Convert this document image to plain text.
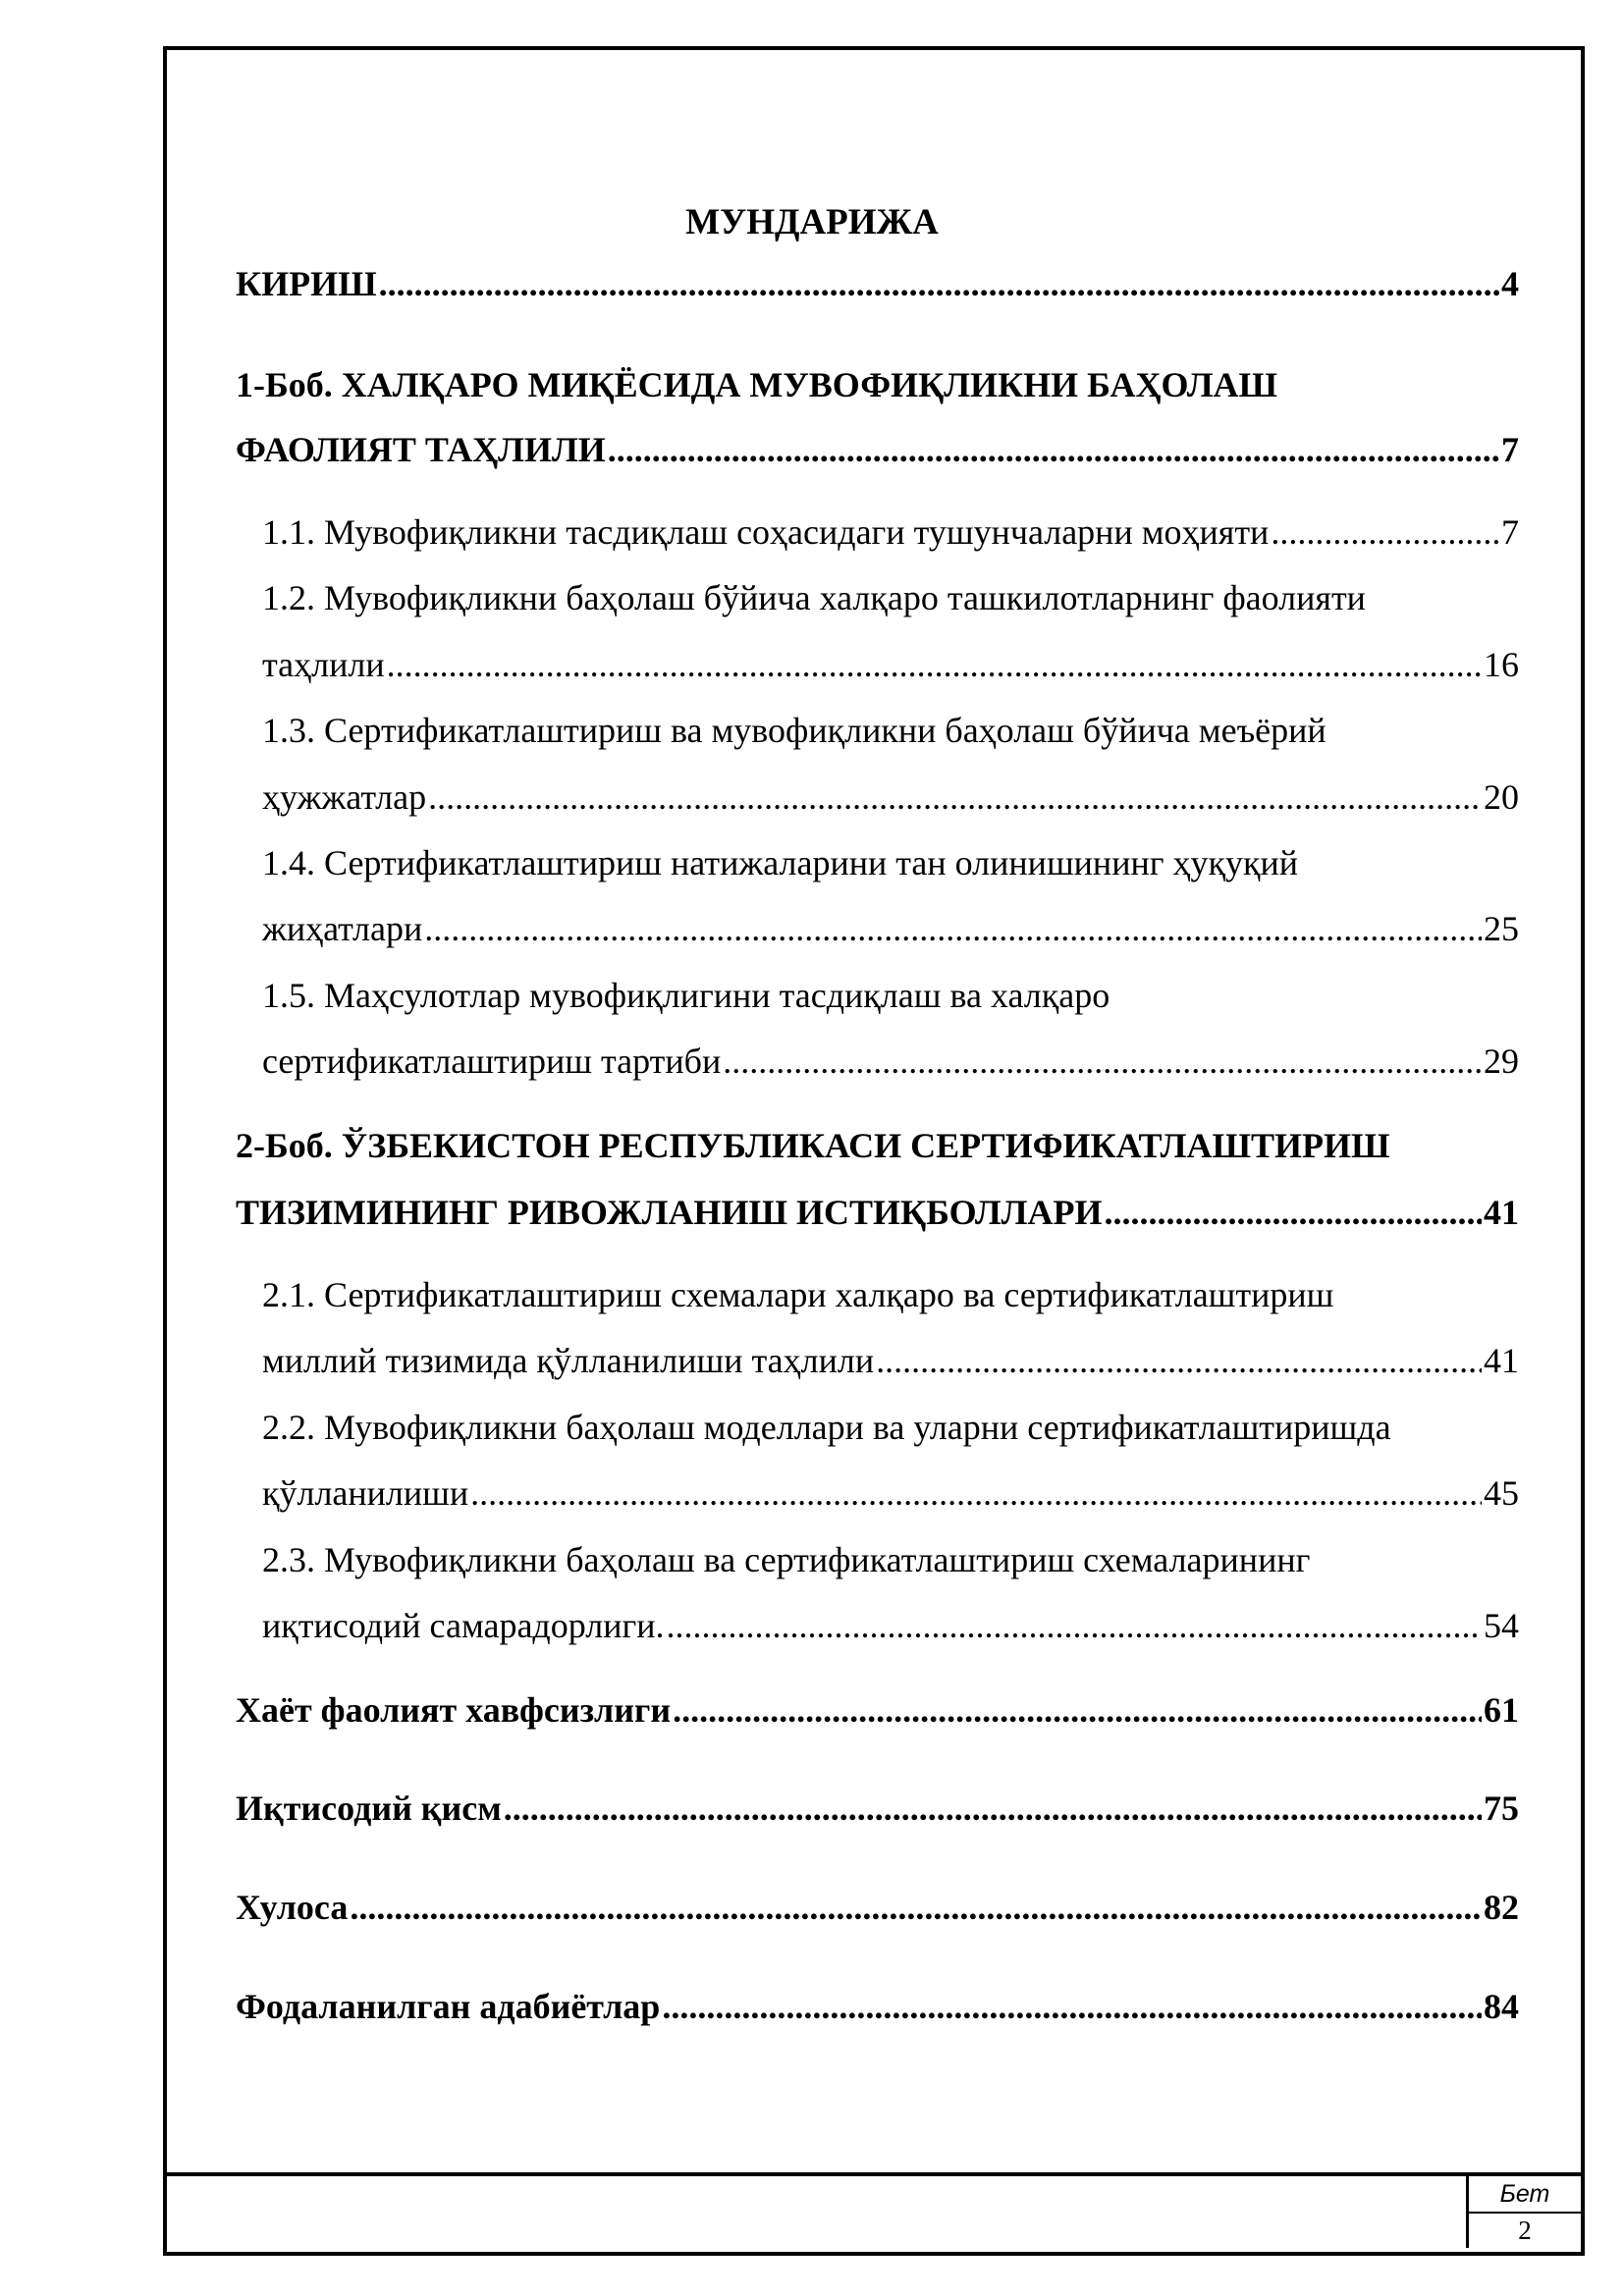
Бет
2
МУНДАРИЖА
КИРИШ .....	4
1-Боб. ХАЛҚАРО МИҚЁСИДА МУВОФИҚЛИКНИ БАҲОЛАШ
ФАОЛИЯТ ТАҲЛИЛИ .....	7
1.1. Мувофиқликни тасдиқлаш соҳасидаги тушунчаларни моҳияти .....	7
1.2. Мувофиқликни баҳолаш бўйича халқаро ташкилотларнинг фаолияти
таҳлили .....	16
1.3. Сертификатлаштириш ва мувофиқликни баҳолаш бўйича меъёрий
ҳужжатлар .....	20
1.4. Сертификатлаштириш натижаларини тан олинишининг ҳуқуқий
жиҳатлари .....	25
1.5. Маҳсулотлар мувофиқлигини тасдиқлаш ва халқаро
сертификатлаштириш тартиби .....	29
2-Боб. ЎЗБЕКИСТОН РЕСПУБЛИКАСИ СЕРТИФИКАТЛАШТИРИШ
ТИЗИМИНИНГ РИВОЖЛАНИШ ИСТИҚБОЛЛАРИ .....	41
2.1. Сертификатлаштириш схемалари халқаро ва сертификатлаштириш
миллий тизимида қўлланилиши таҳлили .....	41
2.2. Мувофиқликни баҳолаш моделлари ва уларни сертификатлаштиришда
қўлланилиши .....	45
2.3. Мувофиқликни баҳолаш ва сертификатлаштириш схемаларининг
иқтисодий самарадорлиги. .....	54
Хаёт фаолият хавфсизлиги .....	61
Иқтисодий қисм .....	75
Хулоса .....	82
Фодаланилган адабиётлар .....	84
